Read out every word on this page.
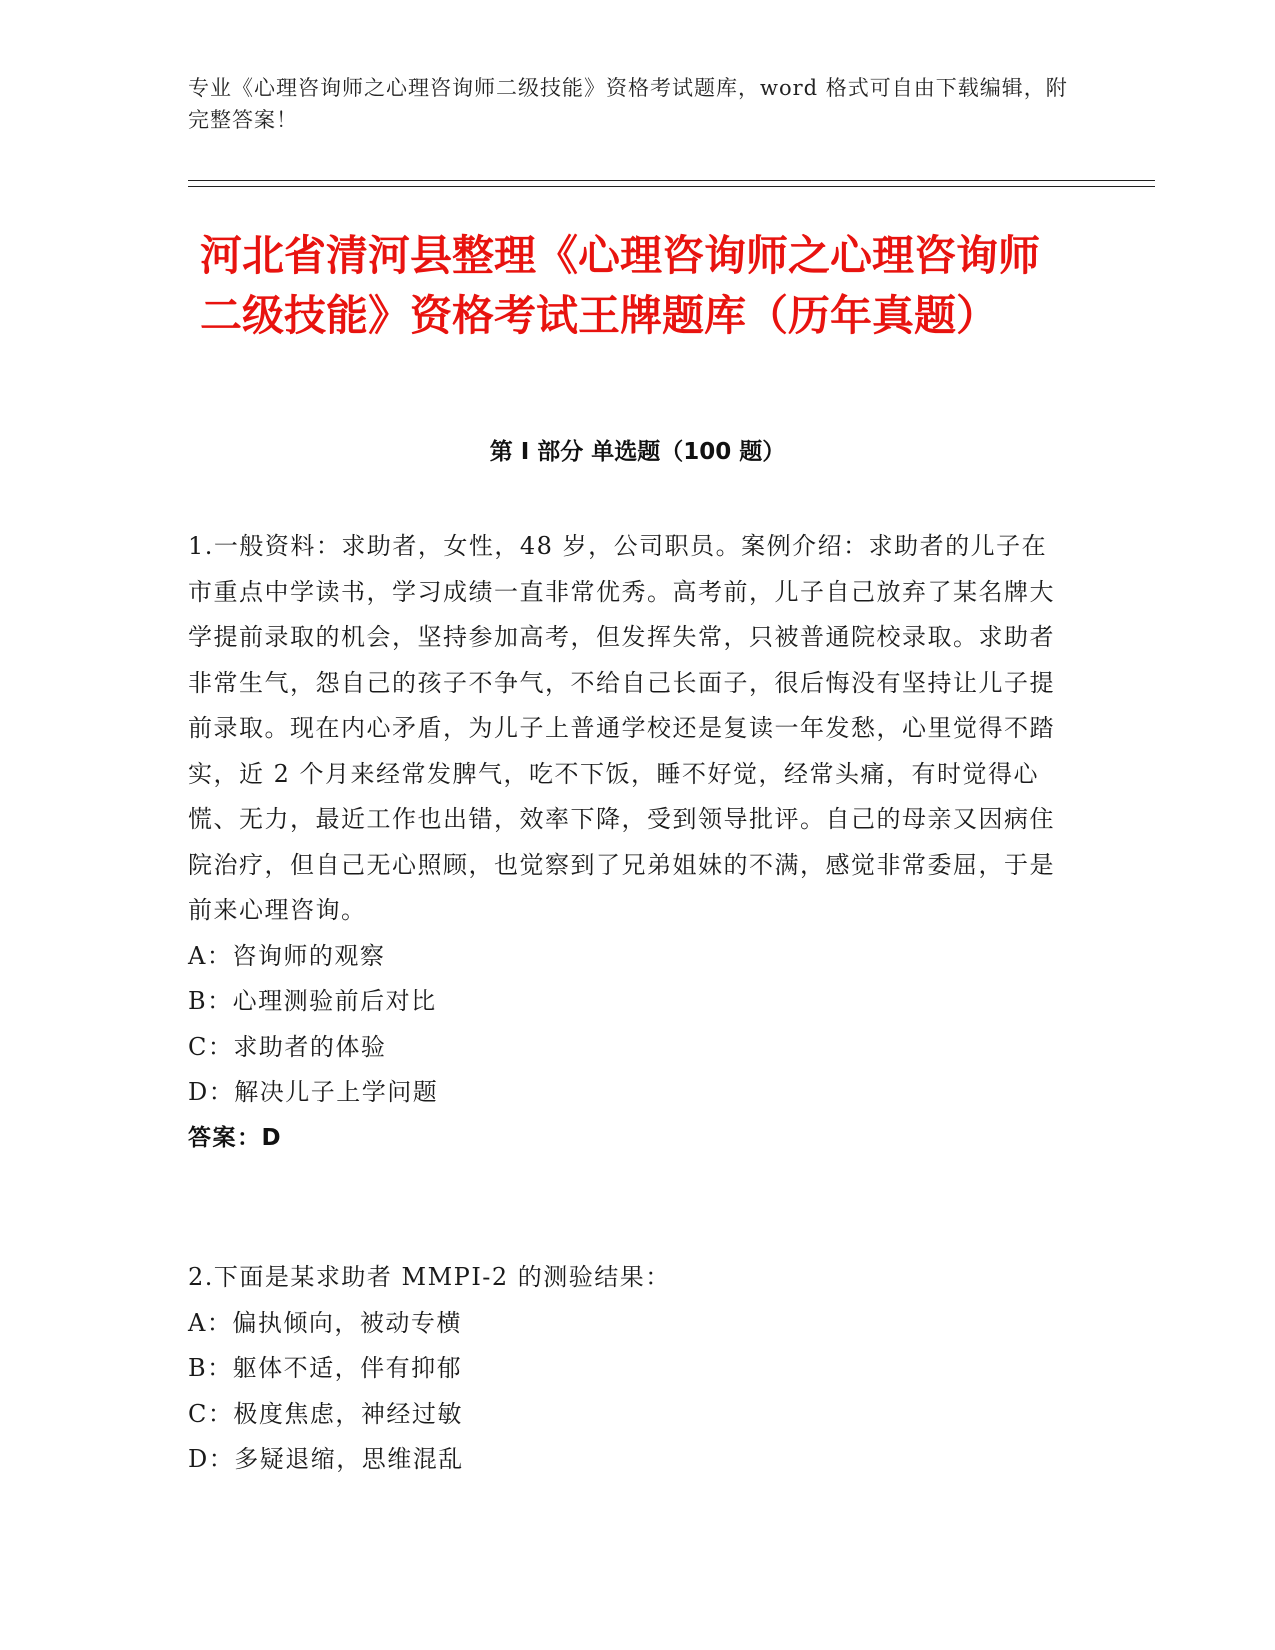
专业《心理咨询师之心理咨询师二级技能》资格考试题库，word 格式可自由下载编辑，附完整答案！
河北省清河县整理《心理咨询师之心理咨询师二级技能》资格考试王牌题库（历年真题）
第 I 部分 单选题（100 题）

1.一般资料：求助者，女性，48 岁，公司职员。案例介绍：求助者的儿子在市重点中学读书，学习成绩一直非常优秀。高考前，儿子自己放弃了某名牌大学提前录取的机会，坚持参加高考，但发挥失常，只被普通院校录取。求助者非常生气，怨自己的孩子不争气，不给自己长面子，很后悔没有坚持让儿子提前录取。现在内心矛盾，为儿子上普通学校还是复读一年发愁，心里觉得不踏实，近 2 个月来经常发脾气，吃不下饭，睡不好觉，经常头痛，有时觉得心慌、无力，最近工作也出错，效率下降，受到领导批评。自己的母亲又因病住院治疗，但自己无心照顾，也觉察到了兄弟姐妹的不满，感觉非常委屈，于是前来心理咨询。

A：咨询师的观察

B：心理测验前后对比

C：求助者的体验

D：解决儿子上学问题

答案：D

2.下面是某求助者 MMPI-2 的测验结果：

A：偏执倾向，被动专横

B：躯体不适，伴有抑郁

C：极度焦虑，神经过敏

D：多疑退缩，思维混乱
